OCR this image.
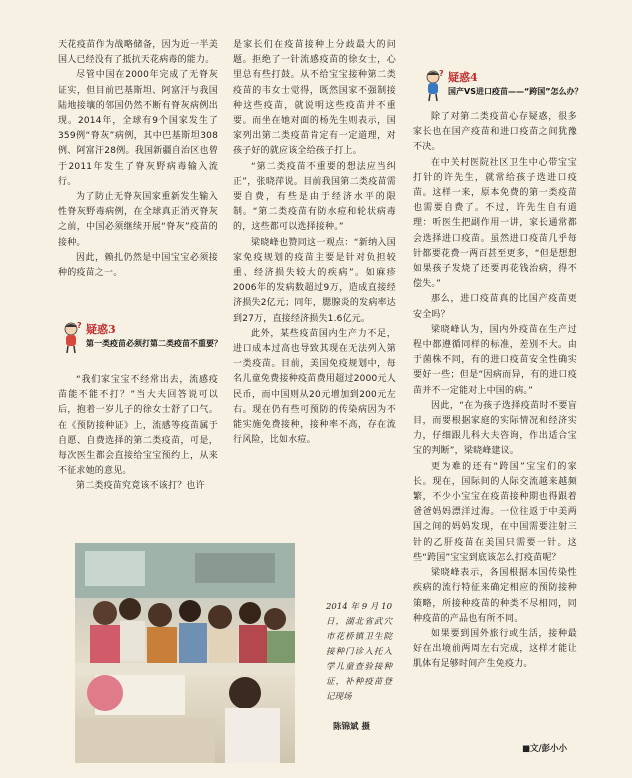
天花疫苗作为战略储备，因为近一半美国人已经没有了抵抗天花病毒的能力。

尽管中国在2000年完成了无脊灰证实，但目前巴基斯坦、阿富汗与我国陆地接壤的邻国仍然不断有脊灰病例出现。2014年，全球有9个国家发生了359例“脊灰”病例，其中巴基斯坦308例、阿富汗28例。我国新疆自治区也曾于2011年发生了脊灰野病毒输入流行。

为了防止无脊灰国家重新发生输入性脊灰野毒病例，在全球真正消灭脊灰之前，中国必须继续开展“脊灰”疫苗的接种。

因此，赖扎仍然是中国宝宝必须接种的疫苗之一。

? 疑惑3
第一类疫苗必须打第二类疫苗不重要？

“我们家宝宝不经常出去，流感疫苗能不能不打？”当大夫回答说可以后，抱着一岁儿子的徐女士舒了口气。在《预防接种证》上，流感等疫苗属于自愿、自费选择的第二类疫苗，可是，每次医生都会直接给宝宝预约上，从来不征求她的意见。

第二类疫苗究竟该不该打？也许

是家长们在疫苗接种上分歧最大的问题。拒绝了一针流感疫苗的徐女士，心里总有些打鼓。从不给宝宝接种第二类疫苗的韦女士觉得，既然国家不强制接种这些疫苗，就说明这些疫苗并不重要。而坐在她对面的杨先生则表示，国家列出第二类疫苗肯定有一定道理，对孩子好的就应该全给孩子打上。

“第二类疫苗不重要的想法应当纠正”，张晓萍说。目前我国第二类疫苗需要自费，有些是由于经济水平的限制。“第二类疫苗有防水痘和轮状病毒的，这些都可以选择接种。”

梁晓峰也赞同这一观点：“新纳入国家免疫规划的疫苗主要是针对负担较重、经济损失较大的疾病”。如麻疹2006年的发病数超过9万，造成直接经济损失2亿元；同年，腮腺炎的发病率达到27万，直接经济损失1.6亿元。

此外，某些疫苗国内生产力不足，进口成本过高也导致其现在无法列入第一类疫苗。目前，美国免疫规划中，每名儿童免费接种疫苗费用超过2000元人民币，而中国则从20元增加到200元左右。现在仍有些可预防的传染病因为不能实施免费接种，接种率不高，存在流行风险，比如水痘。

? 疑惑4
国产VS进口疫苗——“跨国”怎么办？

除了对第二类疫苗心存疑惑，很多家长也在国产疫苗和进口疫苗之间犹豫不决。

在中关村医院社区卫生中心带宝宝打针的许先生，就常给孩子选进口疫苗。这样一来，原本免费的第一类疫苗也需要自费了。不过，许先生自有道理：听医生把副作用一讲，家长通常都会选择进口疫苗。虽然进口疫苗几乎每针都要花费一两百甚至更多，“但是想想如果孩子发烧了还要再花钱治病，得不偿失。”

那么，进口疫苗真的比国产疫苗更安全吗？

梁晓峰认为，国内外疫苗在生产过程中都遵循同样的标准，差别不大。由于菌株不同，有的进口疫苗安全性确实要好一些；但是“因病而异，有的进口疫苗并不一定能对上中国的病。”

因此，“在为孩子选择疫苗时不要盲目，而要根据家庭的实际情况和经济实力，仔细跟儿科大夫咨询，作出适合宝宝的判断”，梁晓峰建议。

更为难的还有“跨国”宝宝们的家长。现在，国际间的人际交流越来越频繁，不少小宝宝在疫苗接种期也得跟着爸爸妈妈漂洋过海。一位往返于中美两国之间的妈妈发现，在中国需要注射三针的乙肝疫苗在美国只需要一针。这些“跨国”宝宝到底该怎么打疫苗呢？

梁晓峰表示，各国根据本国传染性疾病的流行特征来确定相应的预防接种策略，所接种疫苗的种类不尽相同，同种疫苗的产品也有所不同。

如果要到国外旅行或生活，接种最好在出境前两周左右完成，这样才能让肌体有足够时间产生免疫力。

2014年9月10日，湖北省武穴市花桥镇卫生院接种门诊入托入学儿童查验接种证，补种疫苗登记现场
陈锦斌 摄
■文/彭小小
